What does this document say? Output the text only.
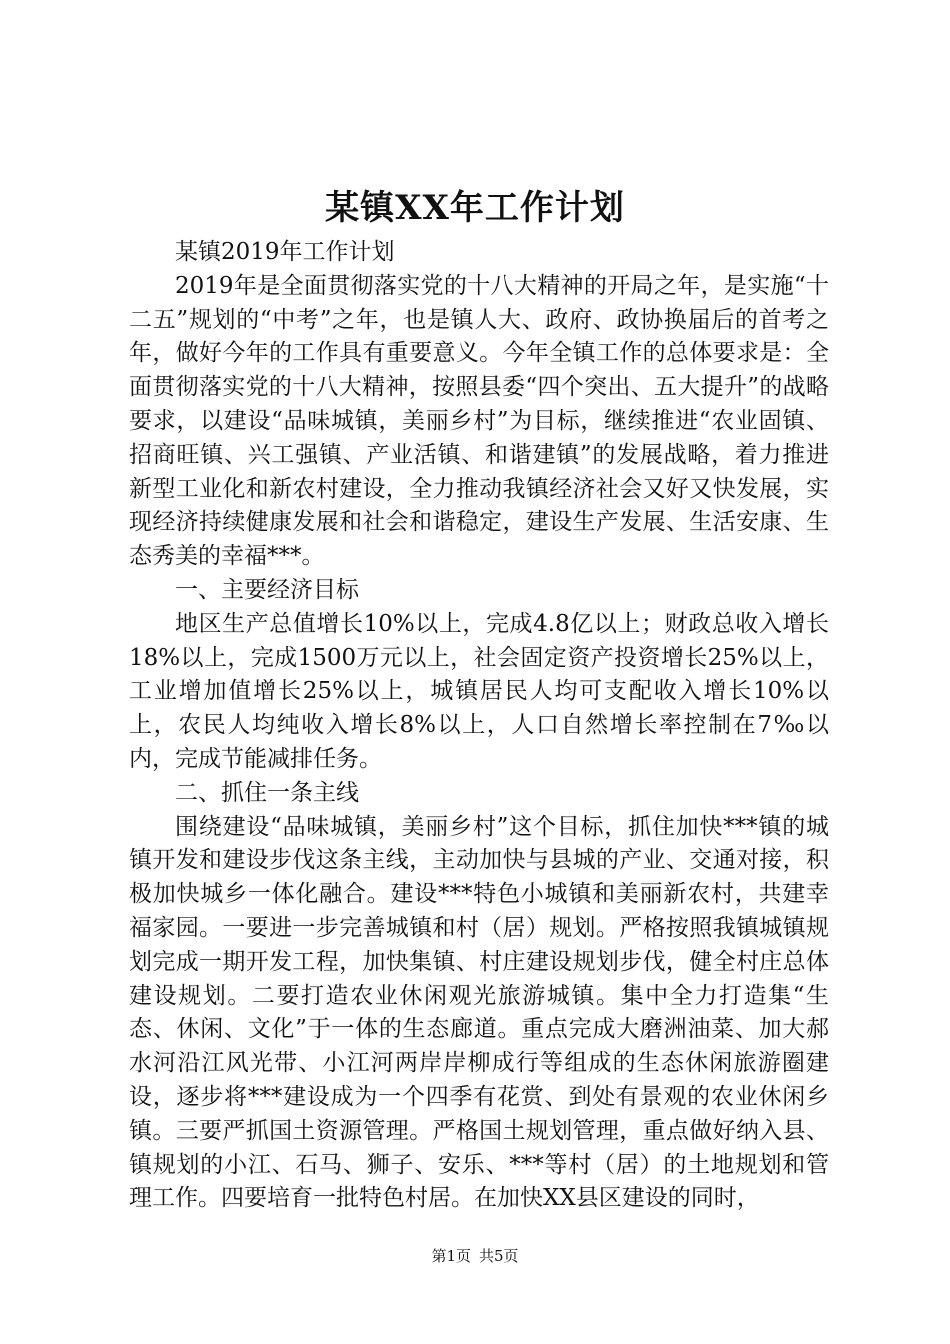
某镇XX年工作计划

某镇2019年工作计划

2019年是全面贯彻落实党的十八大精神的开局之年，是实施“十二五”规划的“中考”之年，也是镇人大、政府、政协换届后的首考之年，做好今年的工作具有重要意义。今年全镇工作的总体要求是：全面贯彻落实党的十八大精神，按照县委“四个突出、五大提升”的战略要求，以建设“品味城镇，美丽乡村”为目标，继续推进“农业固镇、招商旺镇、兴工强镇、产业活镇、和谐建镇”的发展战略，着力推进新型工业化和新农村建设，全力推动我镇经济社会又好又快发展，实现经济持续健康发展和社会和谐稳定，建设生产发展、生活安康、生态秀美的幸福***。

一、主要经济目标

地区生产总值增长10%以上，完成4.8亿以上；财政总收入增长18%以上，完成1500万元以上，社会固定资产投资增长25%以上，工业增加值增长25%以上，城镇居民人均可支配收入增长10%以上，农民人均纯收入增长8%以上，人口自然增长率控制在7‰以内，完成节能减排任务。

二、抓住一条主线

围绕建设“品味城镇，美丽乡村”这个目标，抓住加快***镇的城镇开发和建设步伐这条主线，主动加快与县城的产业、交通对接，积极加快城乡一体化融合。建设***特色小城镇和美丽新农村，共建幸福家园。一要进一步完善城镇和村（居）规划。严格按照我镇城镇规划完成一期开发工程，加快集镇、村庄建设规划步伐，健全村庄总体建设规划。二要打造农业休闲观光旅游城镇。集中全力打造集“生态、休闲、文化”于一体的生态廊道。重点完成大磨洲油菜、加大郝水河沿江风光带、小江河两岸岸柳成行等组成的生态休闲旅游圈建设，逐步将***建设成为一个四季有花赏、到处有景观的农业休闲乡镇。三要严抓国土资源管理。严格国土规划管理，重点做好纳入县、镇规划的小江、石马、狮子、安乐、***等村（居）的土地规划和管理工作。四要培育一批特色村居。在加快XX县区建设的同时，

第1页 共5页
